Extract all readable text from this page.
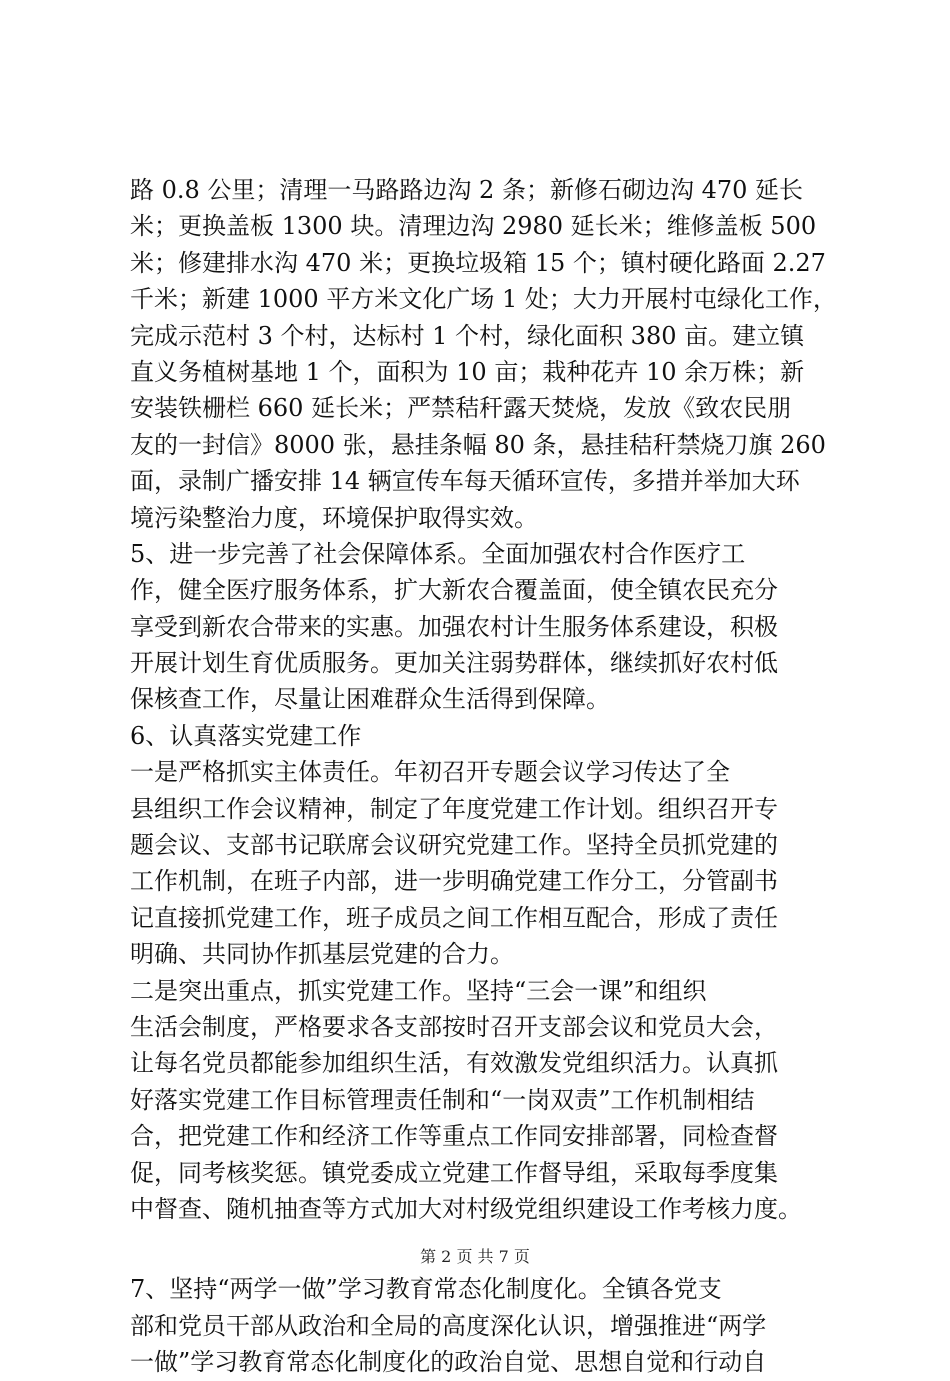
路 0.8 公里；清理一马路路边沟 2 条；新修石砌边沟 470 延长
米；更换盖板 1300 块。清理边沟 2980 延长米；维修盖板 500
米；修建排水沟 470 米；更换垃圾箱 15 个；镇村硬化路面 2.27
千米；新建 1000 平方米文化广场 1 处；大力开展村屯绿化工作，
完成示范村 3 个村，达标村 1 个村，绿化面积 380 亩。建立镇
直义务植树基地 1 个，面积为 10 亩；栽种花卉 10 余万株；新
安装铁栅栏 660 延长米；严禁秸秆露天焚烧，发放《致农民朋
友的一封信》8000 张，悬挂条幅 80 条，悬挂秸秆禁烧刀旗 260
面，录制广播安排 14 辆宣传车每天循环宣传，多措并举加大环
境污染整治力度，环境保护取得实效。
5、进一步完善了社会保障体系。全面加强农村合作医疗工
作，健全医疗服务体系，扩大新农合覆盖面，使全镇农民充分
享受到新农合带来的实惠。加强农村计生服务体系建设，积极
开展计划生育优质服务。更加关注弱势群体，继续抓好农村低
保核查工作，尽量让困难群众生活得到保障。
6、认真落实党建工作
一是严格抓实主体责任。年初召开专题会议学习传达了全
县组织工作会议精神，制定了年度党建工作计划。组织召开专
题会议、支部书记联席会议研究党建工作。坚持全员抓党建的
工作机制，在班子内部，进一步明确党建工作分工，分管副书
记直接抓党建工作，班子成员之间工作相互配合，形成了责任
明确、共同协作抓基层党建的合力。
二是突出重点，抓实党建工作。坚持“三会一课”和组织
生活会制度，严格要求各支部按时召开支部会议和党员大会，
让每名党员都能参加组织生活，有效激发党组织活力。认真抓
好落实党建工作目标管理责任制和“一岗双责”工作机制相结
合，把党建工作和经济工作等重点工作同安排部署，同检查督
促，同考核奖惩。镇党委成立党建工作督导组，采取每季度集
中督查、随机抽查等方式加大对村级党组织建设工作考核力度。
7、坚持“两学一做”学习教育常态化制度化。全镇各党支
部和党员干部从政治和全局的高度深化认识，增强推进“两学
一做”学习教育常态化制度化的政治自觉、思想自觉和行动自
第 2 页 共 7 页
